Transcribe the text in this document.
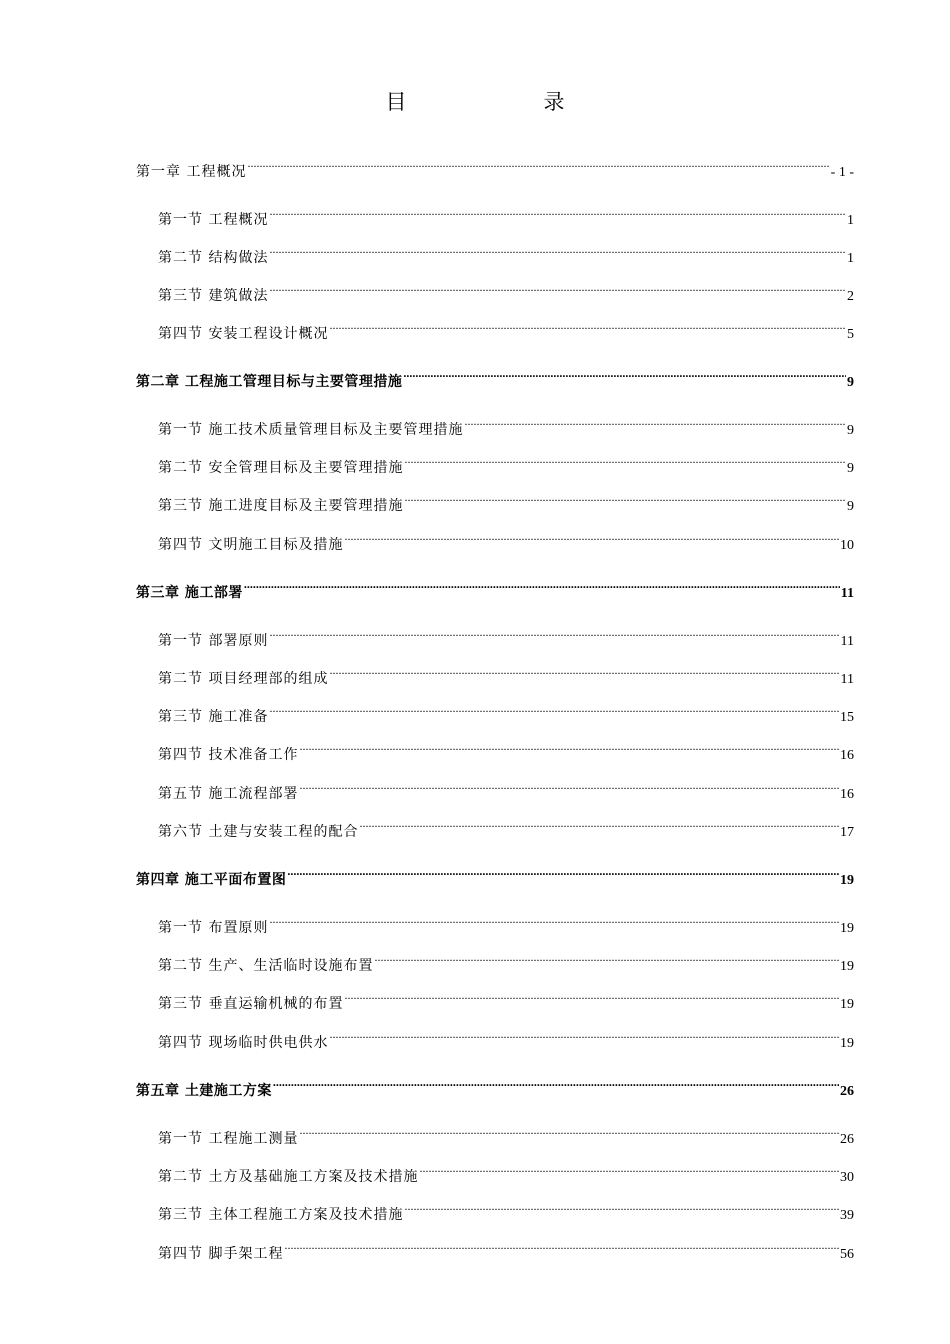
目　录
第一章 工程概况 .....	- 1 -
第一节 工程概况 .....	1
第二节 结构做法 .....	1
第三节 建筑做法 .....	2
第四节 安装工程设计概况 .....	5
第二章 工程施工管理目标与主要管理措施 .....	9
第一节 施工技术质量管理目标及主要管理措施 .....	9
第二节 安全管理目标及主要管理措施 .....	9
第三节 施工进度目标及主要管理措施 .....	9
第四节 文明施工目标及措施 .....	10
第三章 施工部署 .....	11
第一节 部署原则 .....	11
第二节 项目经理部的组成 .....	11
第三节 施工准备 .....	15
第四节 技术准备工作 .....	16
第五节 施工流程部署 .....	16
第六节 土建与安装工程的配合 .....	17
第四章 施工平面布置图 .....	19
第一节 布置原则 .....	19
第二节 生产、生活临时设施布置 .....	19
第三节 垂直运输机械的布置 .....	19
第四节 现场临时供电供水 .....	19
第五章 土建施工方案 .....	26
第一节 工程施工测量 .....	26
第二节 土方及基础施工方案及技术措施 .....	30
第三节 主体工程施工方案及技术措施 .....	39
第四节 脚手架工程 .....	56
